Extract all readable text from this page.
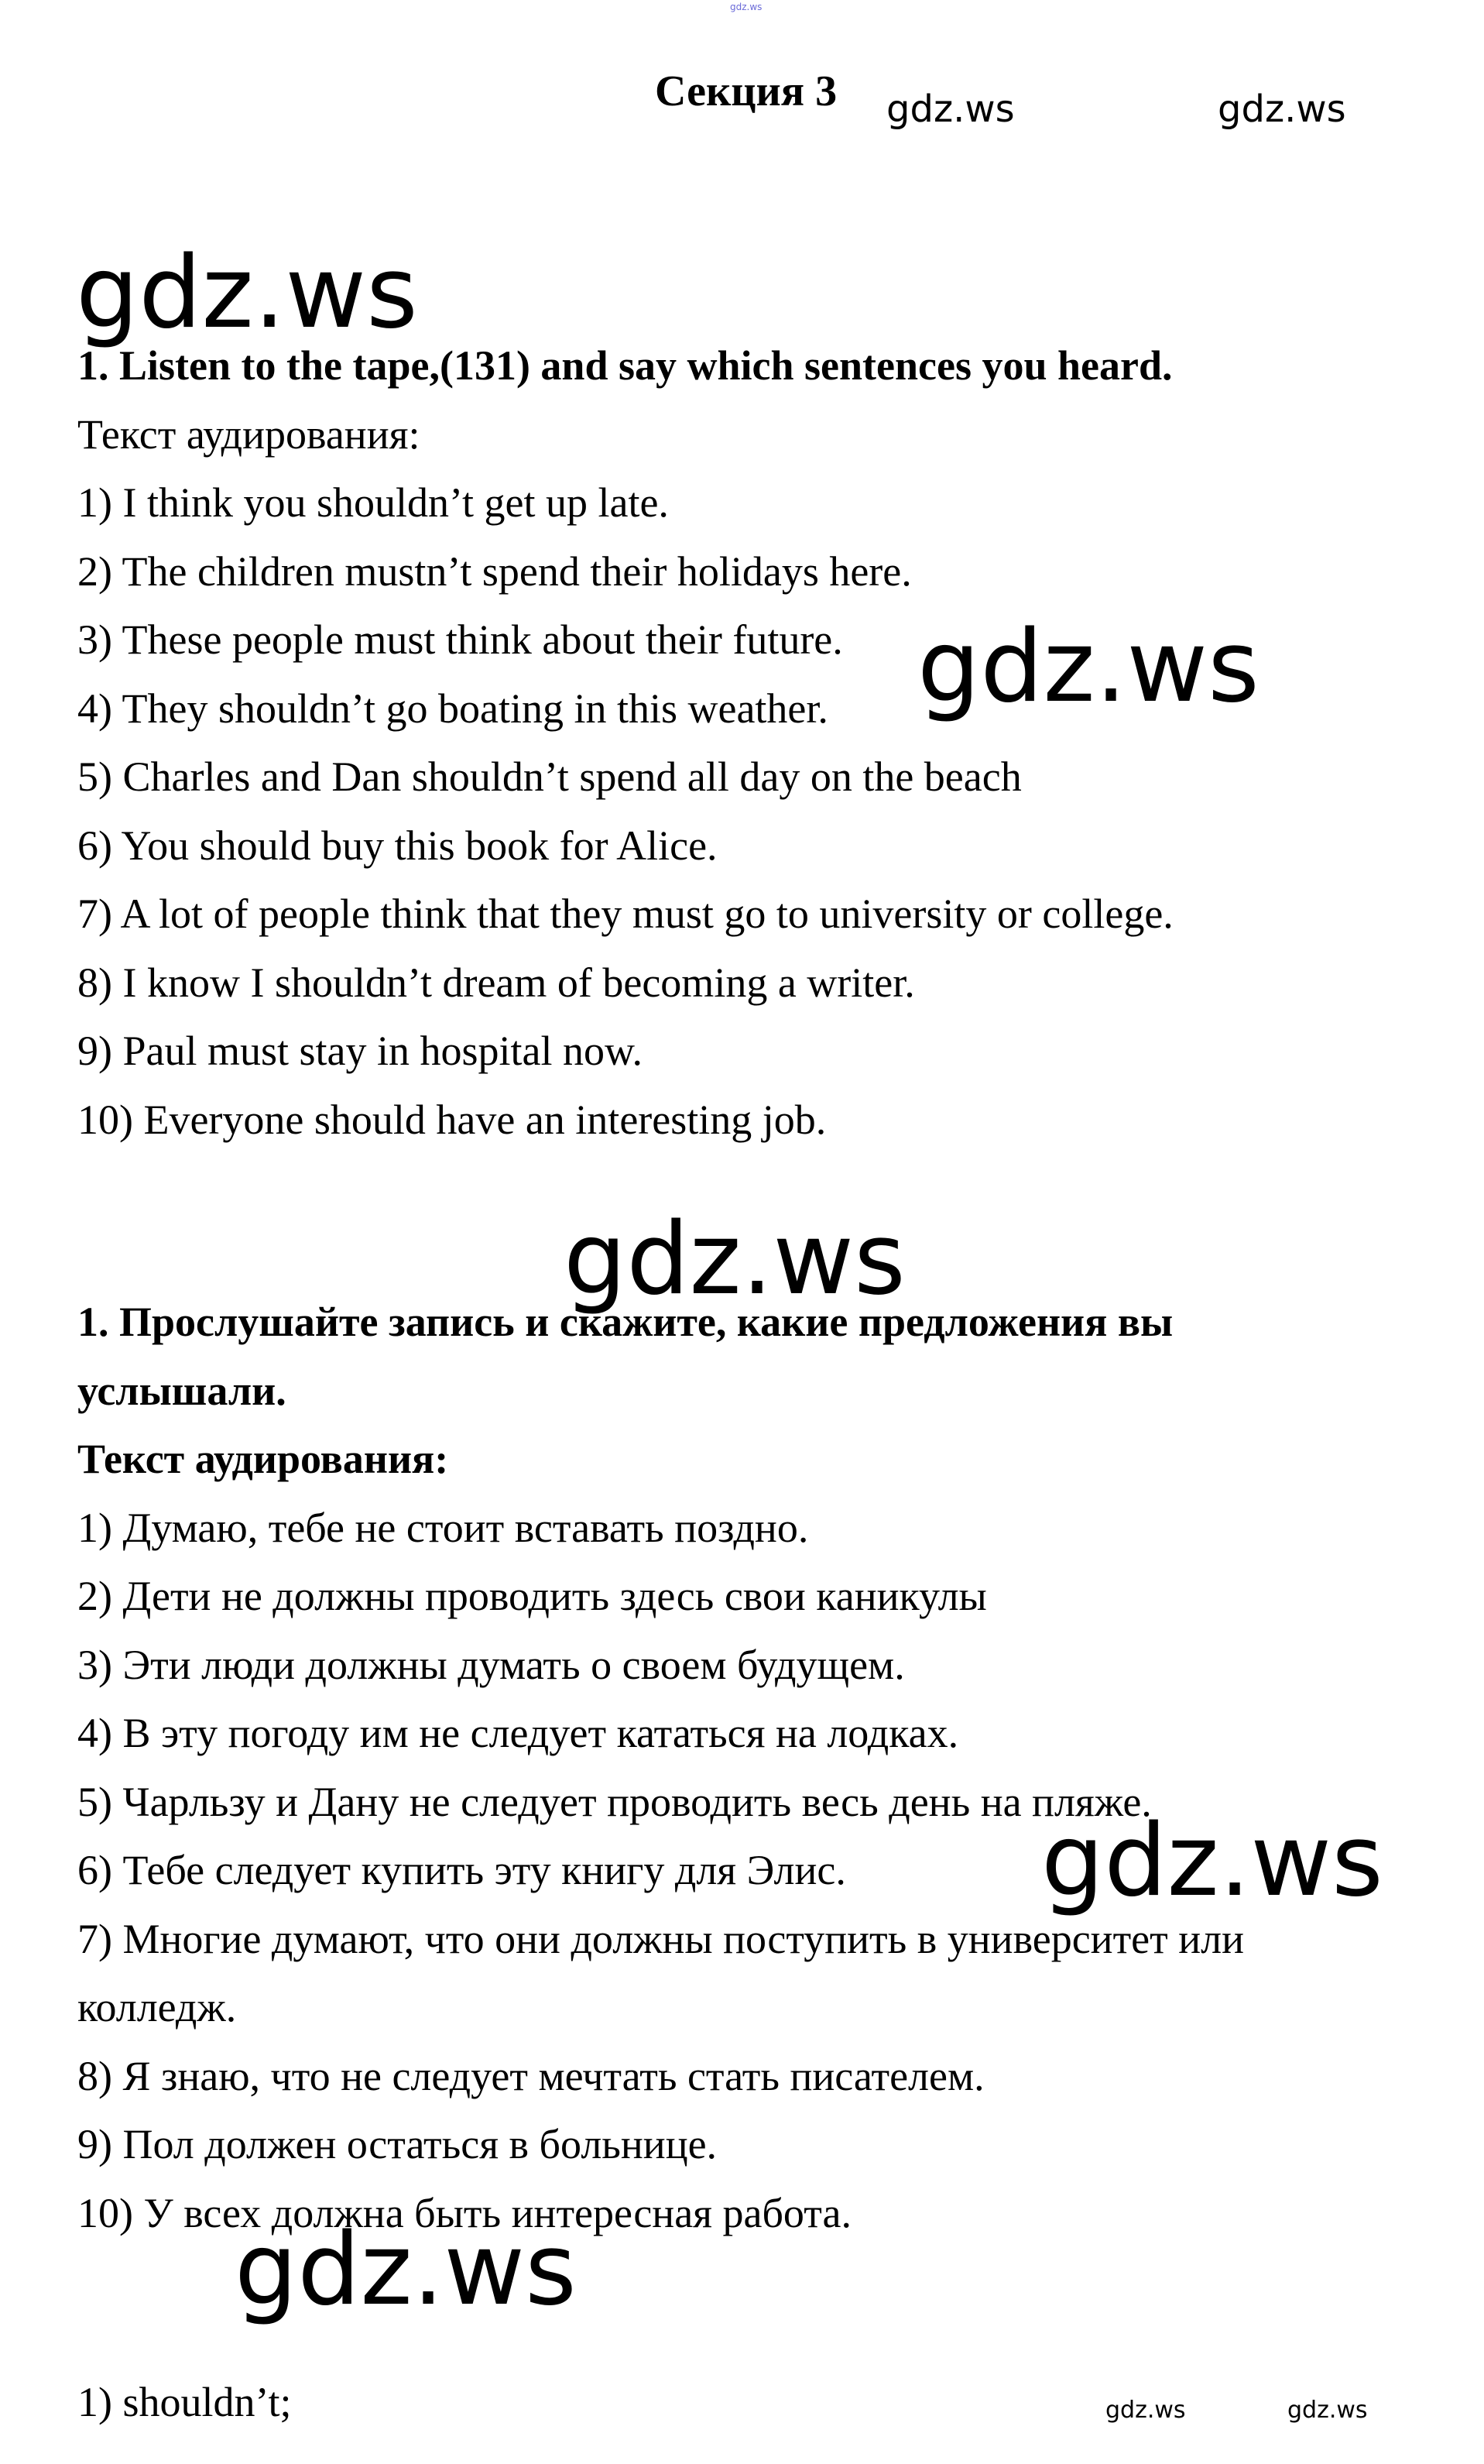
gdz.ws
Секция 3 gdz.ws	gdz.ws
gdz.ws
1. Listen to the tape,(131) and say which sentences you heard.
Текст аудирования:
1) I think you shouldn’t get up late.
2) The children mustn’t spend their holidays here.
3) These people must think about their future.
4) They shouldn’t go boating in this weather.
5) Charles and Dan shouldn’t spend all day on the beach
6) You should buy this book for Alice.
7) A lot of people think that they must go to university or college.
8) I know I shouldn’t dream of becoming a writer.
9) Paul must stay in hospital now.
10) Everyone should have an interesting job.
gdz.ws
gdz.ws
1. Прослушайте запись и скажите, какие предложения вы
услышали.
Текст аудирования:
1) Думаю, тебе не стоит вставать поздно.
2) Дети не должны проводить здесь свои каникулы
3) Эти люди должны думать о своем будущем.
4) В эту погоду им не следует кататься на лодках.
5) Чарльзу и Дану не следует проводить весь день на пляже.
6) Тебе следует купить эту книгу для Элис.
7) Многие думают, что они должны поступить в университет или
колледж.
8) Я знаю, что не следует мечтать стать писателем.
9) Пол должен остаться в больнице.
10) У всех должна быть интересная работа.
gdz.ws
gdz.ws
1) shouldn’t;	gdz.ws	gdz.ws
